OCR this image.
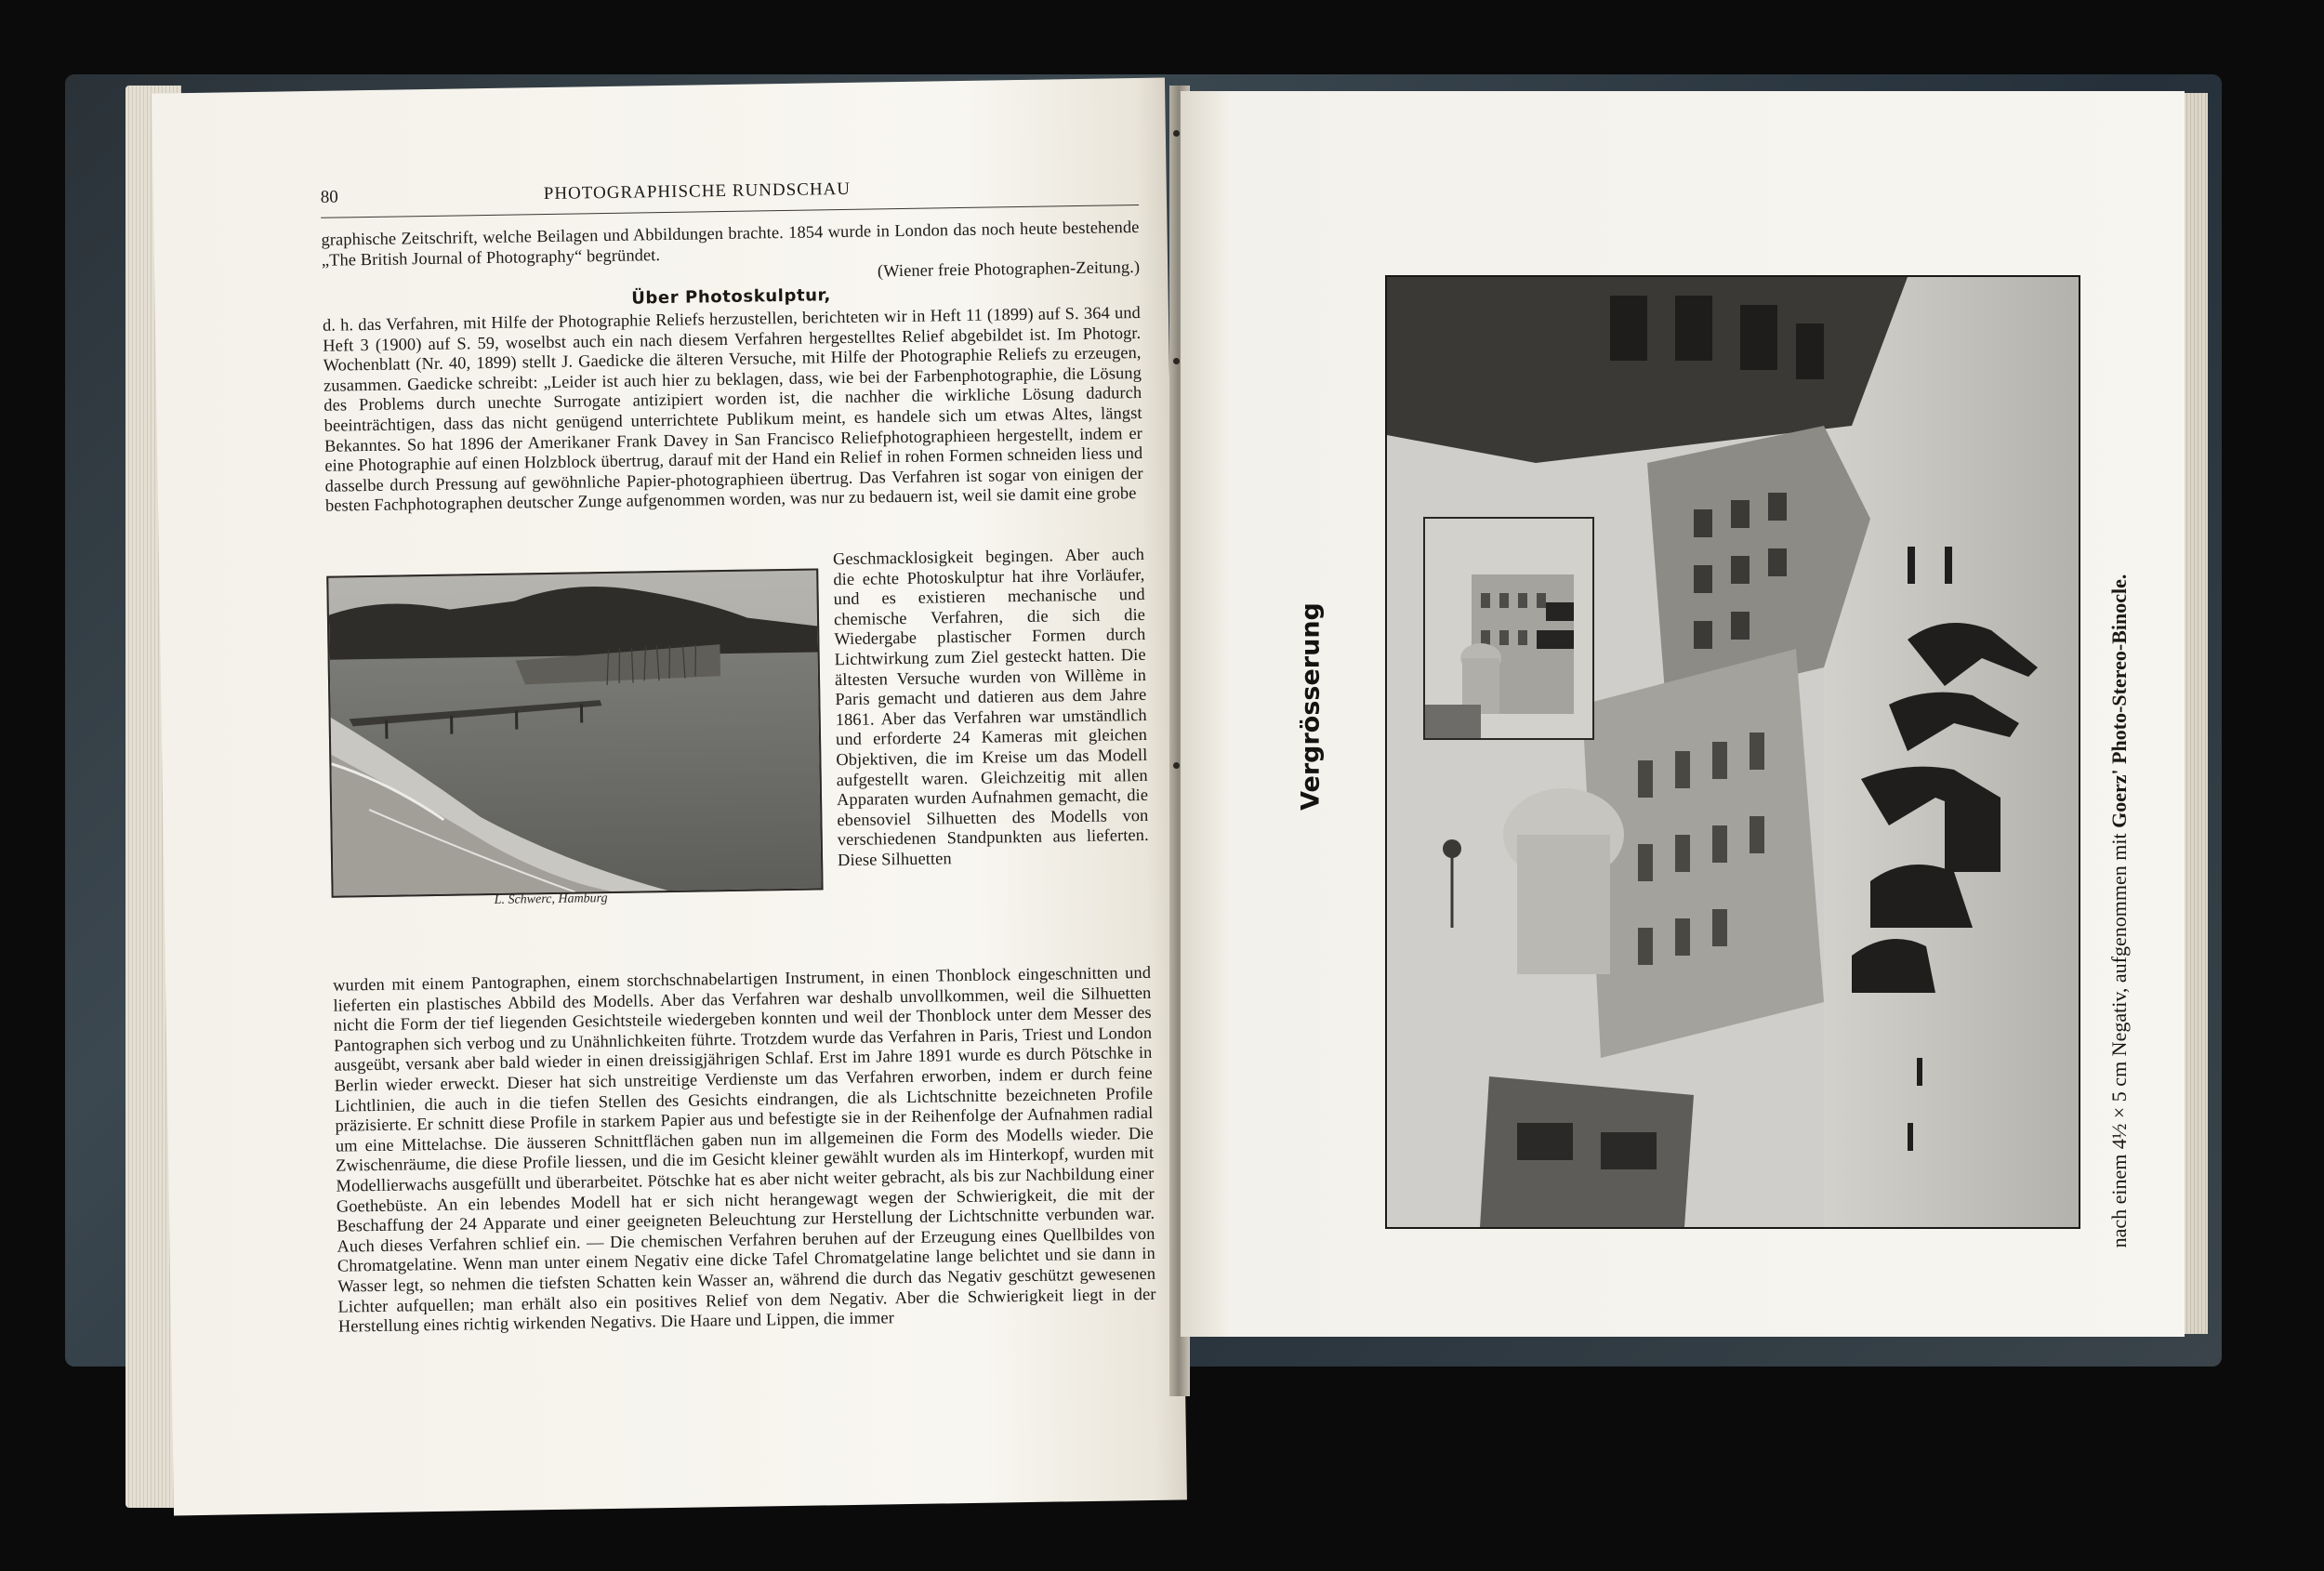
80	PHOTOGRAPHISCHE RUNDSCHAU

graphische Zeitschrift, welche Beilagen und Abbildungen brachte. 1854 wurde in London das noch heute bestehende „The British Journal of Photography“ begründet.	(Wiener freie Photographen-Zeitung.)

Über Photoskulptur,
d. h. das Verfahren, mit Hilfe der Photographie Reliefs herzustellen, berichteten wir in Heft 11 (1899) auf S. 364 und Heft 3 (1900) auf S. 59, woselbst auch ein nach diesem Verfahren hergestelltes Relief abgebildet ist. Im Photogr. Wochenblatt (Nr. 40, 1899) stellt J. Gaedicke die älteren Versuche, mit Hilfe der Photographie Reliefs zu erzeugen, zusammen. Gaedicke schreibt: „Leider ist auch hier zu beklagen, dass, wie bei der Farbenphotographie, die Lösung des Problems durch unechte Surrogate antizipiert worden ist, die nachher die wirkliche Lösung dadurch beeinträchtigen, dass das nicht genügend unterrichtete Publikum meint, es handele sich um etwas Altes, längst Bekanntes. So hat 1896 der Amerikaner Frank Davey in San Francisco Reliefphotographieen hergestellt, indem er eine Photographie auf einen Holzblock übertrug, darauf mit der Hand ein Relief in rohen Formen schneiden liess und dasselbe durch Pressung auf gewöhnliche Papier-photographieen übertrug. Das Verfahren ist sogar von einigen der besten Fachphotographen deutscher Zunge aufgenommen worden, was nur zu bedauern ist, weil sie damit eine grobe
L. Schwerc, Hamburg
Geschmacklosigkeit begingen. Aber auch die echte Photoskulptur hat ihre Vorläufer, und es existieren mechanische und chemische Verfahren, die sich die Wiedergabe plastischer Formen durch Lichtwirkung zum Ziel gesteckt hatten. Die ältesten Versuche wurden von Willème in Paris gemacht und datieren aus dem Jahre 1861. Aber das Verfahren war umständlich und erforderte 24 Kameras mit gleichen Objektiven, die im Kreise um das Modell aufgestellt waren. Gleichzeitig mit allen Apparaten wurden Aufnahmen gemacht, die ebensoviel Silhuetten des Modells von verschiedenen Standpunkten aus lieferten. Diese Silhuetten
wurden mit einem Pantographen, einem storchschnabelartigen Instrument, in einen Thonblock eingeschnitten und lieferten ein plastisches Abbild des Modells. Aber das Verfahren war deshalb unvollkommen, weil die Silhuetten nicht die Form der tief liegenden Gesichtsteile wiedergeben konnten und weil der Thonblock unter dem Messer des Pantographen sich verbog und zu Unähnlichkeiten führte. Trotzdem wurde das Verfahren in Paris, Triest und London ausgeübt, versank aber bald wieder in einen dreissigjährigen Schlaf. Erst im Jahre 1891 wurde es durch Pötschke in Berlin wieder erweckt. Dieser hat sich unstreitige Verdienste um das Verfahren erworben, indem er durch feine Lichtlinien, die auch in die tiefen Stellen des Gesichts eindrangen, die als Lichtschnitte bezeichneten Profile präzisierte. Er schnitt diese Profile in starkem Papier aus und befestigte sie in der Reihenfolge der Aufnahmen radial um eine Mittelachse. Die äusseren Schnittflächen gaben nun im allgemeinen die Form des Modells wieder. Die Zwischenräume, die diese Profile liessen, und die im Gesicht kleiner gewählt wurden als im Hinterkopf, wurden mit Modellierwachs ausgefüllt und überarbeitet. Pötschke hat es aber nicht weiter gebracht, als bis zur Nachbildung einer Goethebüste. An ein lebendes Modell hat er sich nicht herangewagt wegen der Schwierigkeit, die mit der Beschaffung der 24 Apparate und einer geeigneten Beleuchtung zur Herstellung der Lichtschnitte verbunden war. Auch dieses Verfahren schlief ein. — Die chemischen Verfahren beruhen auf der Erzeugung eines Quellbildes von Chromatgelatine. Wenn man unter einem Negativ eine dicke Tafel Chromatgelatine lange belichtet und sie dann in Wasser legt, so nehmen die tiefsten Schatten kein Wasser an, während die durch das Negativ geschützt gewesenen Lichter aufquellen; man erhält also ein positives Relief von dem Negativ. Aber die Schwierigkeit liegt in der Herstellung eines richtig wirkenden Negativs. Die Haare und Lippen, die immer
Vergrösserung
nach einem 4½ × 5 cm Negativ, aufgenommen mit Goerz' Photo-Stereo-Binocle.
